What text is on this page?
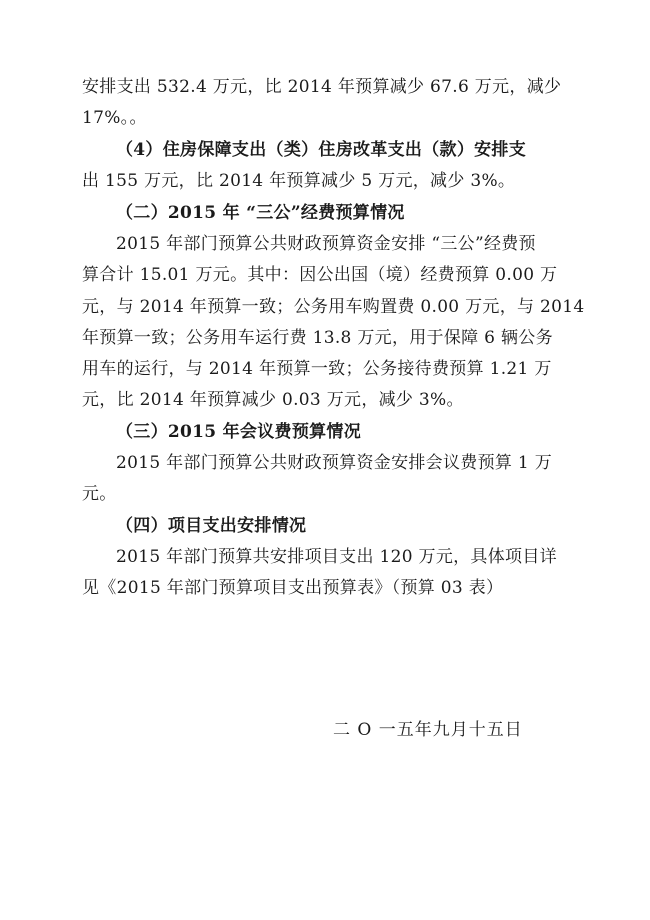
安排支出 532.4 万元，比 2014 年预算减少 67.6 万元，减少
17%。。
（4）住房保障支出（类）住房改革支出（款）安排支
出 155 万元，比 2014 年预算减少 5 万元，减少 3%。
（二）2015 年 “三公”经费预算情况
2015 年部门预算公共财政预算资金安排 “三公”经费预
算合计 15.01 万元。其中：因公出国（境）经费预算 0.00 万
元，与 2014 年预算一致；公务用车购置费 0.00 万元，与 2014
年预算一致；公务用车运行费 13.8 万元，用于保障 6 辆公务
用车的运行，与 2014 年预算一致；公务接待费预算 1.21 万
元，比 2014 年预算减少 0.03 万元，减少 3%。
（三）2015 年会议费预算情况
2015 年部门预算公共财政预算资金安排会议费预算 1 万
元。
（四）项目支出安排情况
2015 年部门预算共安排项目支出 120 万元，具体项目详
见《2015 年部门预算项目支出预算表》（预算 03 表）
二 O 一五年九月十五日
